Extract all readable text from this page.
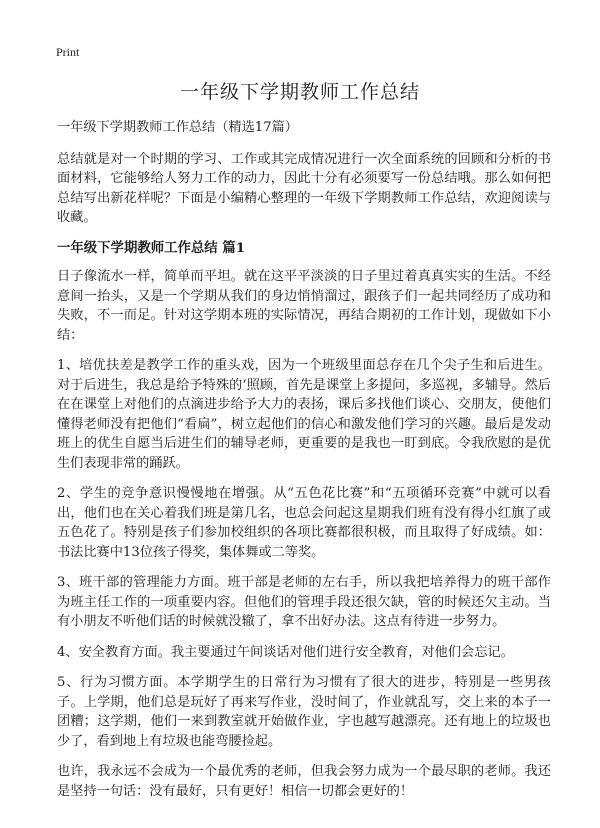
Print
一年级下学期教师工作总结

一年级下学期教师工作总结（精选17篇）

总结就是对一个时期的学习、工作或其完成情况进行一次全面系统的回顾和分析的书面材料，它能够给人努力工作的动力，因此十分有必须要写一份总结哦。那么如何把总结写出新花样呢？下面是小编精心整理的一年级下学期教师工作总结，欢迎阅读与收藏。

一年级下学期教师工作总结 篇1

日子像流水一样，简单而平坦。就在这平平淡淡的日子里过着真真实实的生活。不经意间一抬头，又是一个学期从我们的身边悄悄溜过，跟孩子们一起共同经历了成功和失败，不一而足。针对这学期本班的实际情况，再结合期初的工作计划，现做如下小结：

1、培优扶差是教学工作的重头戏，因为一个班级里面总存在几个尖子生和后进生。对于后进生，我总是给予特殊的‘照顾，首先是课堂上多提问，多巡视，多辅导。然后在在课堂上对他们的点滴进步给予大力的表扬，课后多找他们谈心、交朋友，使他们懂得老师没有把他们“看扁”，树立起他们的信心和激发他们学习的兴趣。最后是发动班上的优生自愿当后进生们的辅导老师，更重要的是我也一盯到底。令我欣慰的是优生们表现非常的踊跃。

2、学生的竞争意识慢慢地在增强。从“五色花比赛”和“五项循环竞赛”中就可以看出，他们也在关心着我们班是第几名，也总会问起这星期我们班有没有得小红旗了或五色花了。特别是孩子们参加校组织的各项比赛都很积极，而且取得了好成绩。如：书法比赛中13位孩子得奖，集体舞或二等奖。

3、班干部的管理能力方面。班干部是老师的左右手，所以我把培养得力的班干部作为班主任工作的一项重要内容。但他们的管理手段还很欠缺，管的时候还欠主动。当有小朋友不听他们话的时候就没辙了，拿不出好办法。这点有待进一步努力。

4、安全教育方面。我主要通过午间谈话对他们进行安全教育，对他们会忘记。

5、行为习惯方面。本学期学生的日常行为习惯有了很大的进步，特别是一些男孩子。上学期，他们总是玩好了再来写作业，没时间了，作业就乱写，交上来的本子一团糟；这学期，他们一来到教室就开始做作业，字也越写越漂亮。还有地上的垃圾也少了，看到地上有垃圾也能弯腰捡起。

也许，我永远不会成为一个最优秀的老师，但我会努力成为一个最尽职的老师。我还是坚持一句话：没有最好，只有更好！相信一切都会更好的！
